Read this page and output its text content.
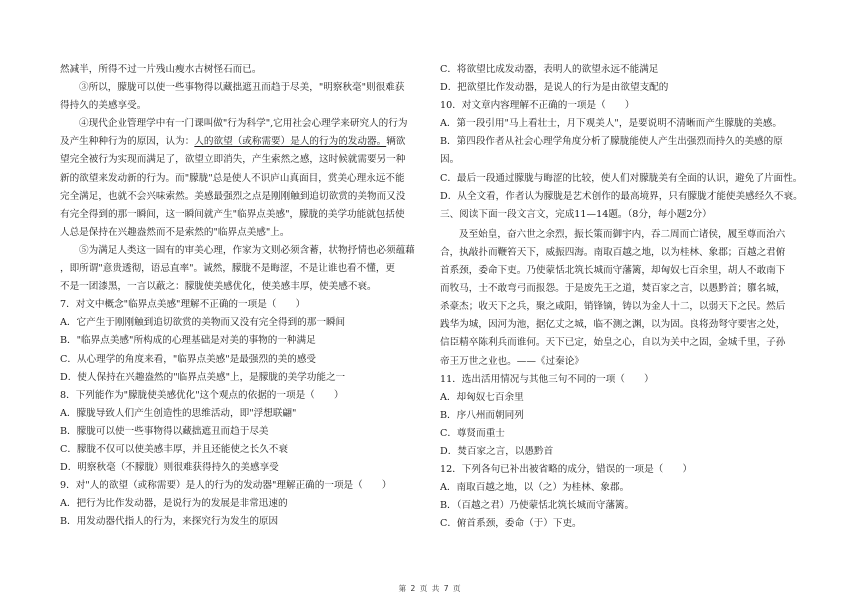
然减半，所得不过一片残山瘦水古树怪石而已。
③所以，朦胧可以使一些事物得以藏拙遮丑而趋于尽美，"明察秋毫"则很难获
得持久的美感享受。
④现代企业管理学中有一门课叫做"行为科学",它用社会心理学来研究人的行为
及产生种种行为的原因，认为：人的欲望（或称需要）是人的行为的发动器。辆欲
望完全被行为实现而满足了，欲望立即消失，产生索然之感，这时候就需要另一种
新的欲望来发动新的行为。而"朦胧"总是使人不识庐山真面目，赏美心理永远不能
完全满足，也就不会兴味索然。美感最强烈之点是刚刚触到追切欲赏的美物而又没
有完全得到的那一瞬间，这一瞬间就产生"临界点美感"，朦胧的美学功能就包括使
人总是保持在兴趣盎然而不是索然的"临界点美感"上。
⑤为满足人类这一固有的审美心理，作家为文则必须含蓄，状物抒情也必须蕴藉
，即所谓"意贵透彻，语忌直率"。诚然，朦胧不是晦涩，不是让谁也看不懂，更
不是一团漆黑，一言以蔽之：朦胧使美感优化，使美感丰厚，使美感不衰。
7．对文中概念"临界点美感"理解不正确的一项是（　　）
A．它产生于刚刚触到追切欲赏的美物而又没有完全得到的那一瞬间
B．"临界点美感"所构成的心理基础是对美的事物的一种满足
C．从心理学的角度来看，"临界点美感"是最强烈的美的感受
D．使人保持在兴趣盎然的"临界点美感"上，是朦胧的美学功能之一
8．下列能作为"朦胧使美感优化"这个观点的依据的一项是（　　）
A．朦胧导致人们产生创造性的思维活动，即"浮想联翩"
B．朦胧可以使一些事物得以藏拙遮丑而趋于尽美
C．朦胧不仅可以使美感丰厚，并且还能使之长久不衰
D．明察秋毫（不朦胧）则很难获得持久的美感享受
9．对"人的欲望（或称需要）是人的行为的发动器"理解正确的一项是（　　）
A．把行为比作发动器，是说行为的发展是非常迅速的
B．用发动器代指人的行为，来探究行为发生的原因
C．将欲望比成发动器，表明人的欲望永远不能满足
D．把欲望比作发动器，是说人的行为是由欲望支配的
10．对文章内容理解不正确的一项是（　　）
A．第一段引用"马上看壮士，月下观美人"，是要说明不清晰而产生朦胧的美感。
B．第四段作者从社会心理学角度分析了朦胧能使人产生出强烈而持久的美感的原
因。
C．最后一段通过朦胧与晦涩的比较，使人们对朦胧美有全面的认识，避免了片面性。
D．从全文看，作者认为朦胧是艺术创作的最高境界，只有朦胧才能使美感经久不衰。
三、阅读下面一段文言文，完成11—14题。（8分，每小题2分）
及至始皇，奋六世之余烈，振长策而御宇内，吞二周而亡诸侯，履至尊而治六
合，执敲扑而鞭笞天下，威振四海。南取百越之地，以为桂林、象郡；百越之君俯
首系颈，委命下吏。乃使蒙恬北筑长城而守藩篱，却匈奴七百余里，胡人不敢南下
而牧马，士不敢弯弓而报怨。于是废先王之道，焚百家之言，以愚黔首；隳名城，
杀豪杰；收天下之兵，聚之咸阳，销锋镝，铸以为金人十二，以弱天下之民。然后
践华为城，因河为池，据亿丈之城，临不测之渊，以为固。良将劲弩守要害之处，
信臣精卒陈利兵而谁何。天下已定，始皇之心，自以为关中之固，金城千里，子孙
帝王万世之业也。——《过秦论》
11．选出活用情况与其他三句不同的一项（　　）
A．却匈奴七百余里
B．序八州而朝同列
C．尊贤而重士
D．焚百家之言，以愚黔首
12．下列各句已补出被省略的成分，错误的一项是（　　）
A．南取百越之地，以（之）为桂林、象郡。
B．（百越之君）乃使蒙恬北筑长城而守藩篱。
C．俯首系颈，委命（于）下吏。
第 2 页 共 7 页
